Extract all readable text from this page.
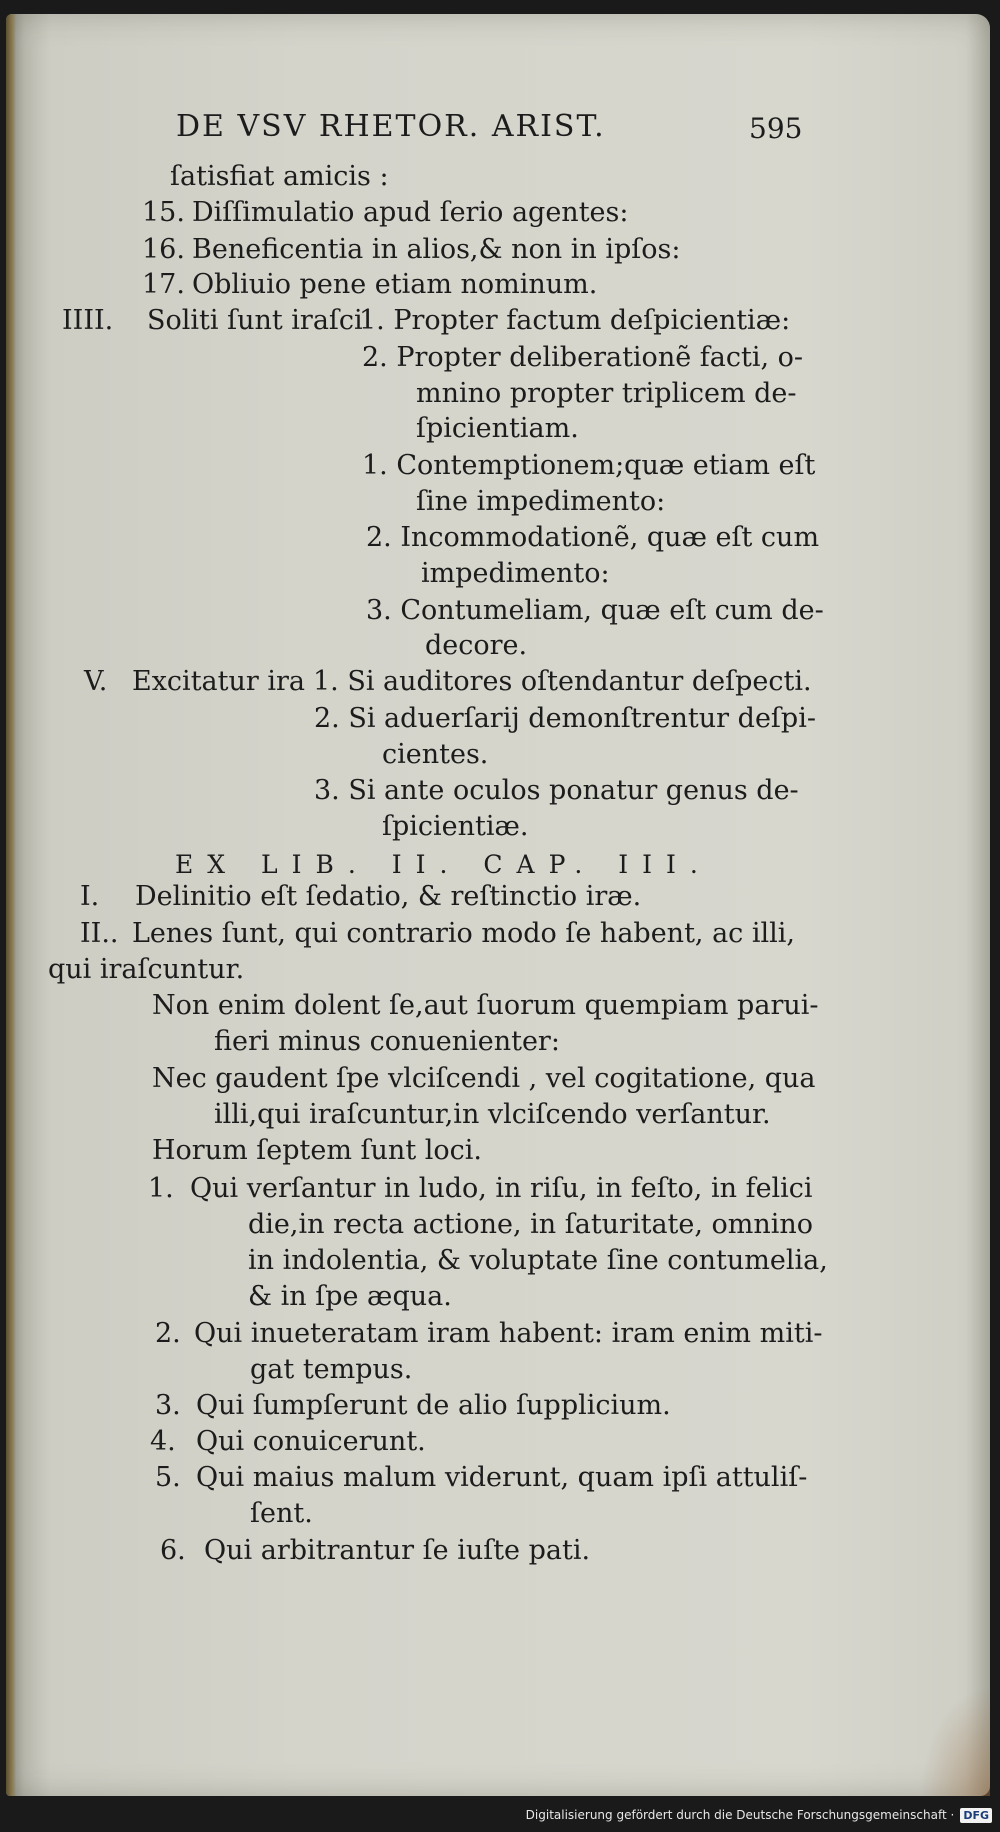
DE VSV RHETOR. ARIST.	595
ſatisfiat amicis :
15. Diſſimulatio apud ſerio agentes:
16. Beneficentia in alios,& non in ipſos:
17. Obliuio pene etiam nominum.
IIII. Soliti ſunt iraſci
1. Propter factum deſpicientiæ:
2. Propter deliberationẽ facti, o-
mnino propter triplicem de-
ſpicientiam.
1. Contemptionem;quæ etiam eſt
ſine impedimento:
2. Incommodationẽ, quæ eſt cum
impedimento:
3. Contumeliam, quæ eſt cum de-
decore.
V. Excitatur ira 1. Si auditores oſtendantur deſpecti.
2. Si aduerſarij demonſtrentur deſpi-
cientes.
3. Si ante oculos ponatur genus de-
ſpicientiæ.
EX LIB. II. CAP. III.
I. Delinitio eſt ſedatio, & reſtinctio iræ.
II.. Lenes ſunt, qui contrario modo ſe habent, ac illi,
qui iraſcuntur.
Non enim dolent ſe,aut ſuorum quempiam parui-
fieri minus conuenienter:
Nec gaudent ſpe vlciſcendi , vel cogitatione, qua
illi,qui iraſcuntur,in vlciſcendo verſantur.
Horum ſeptem ſunt loci.
1. Qui verſantur in ludo, in riſu, in feſto, in felici
die,in recta actione, in ſaturitate, omnino
in indolentia, & voluptate ſine contumelia,
& in ſpe æqua.
2. Qui inueteratam iram habent: iram enim miti-
gat tempus.
3. Qui ſumpſerunt de alio ſupplicium.
4. Qui conuicerunt.
5. Qui maius malum viderunt, quam ipſi attuliſ-
ſent.
6. Qui arbitrantur ſe iuſte pati.
Digitalisierung gefördert durch die Deutsche Forschungsgemeinschaft · DFG
